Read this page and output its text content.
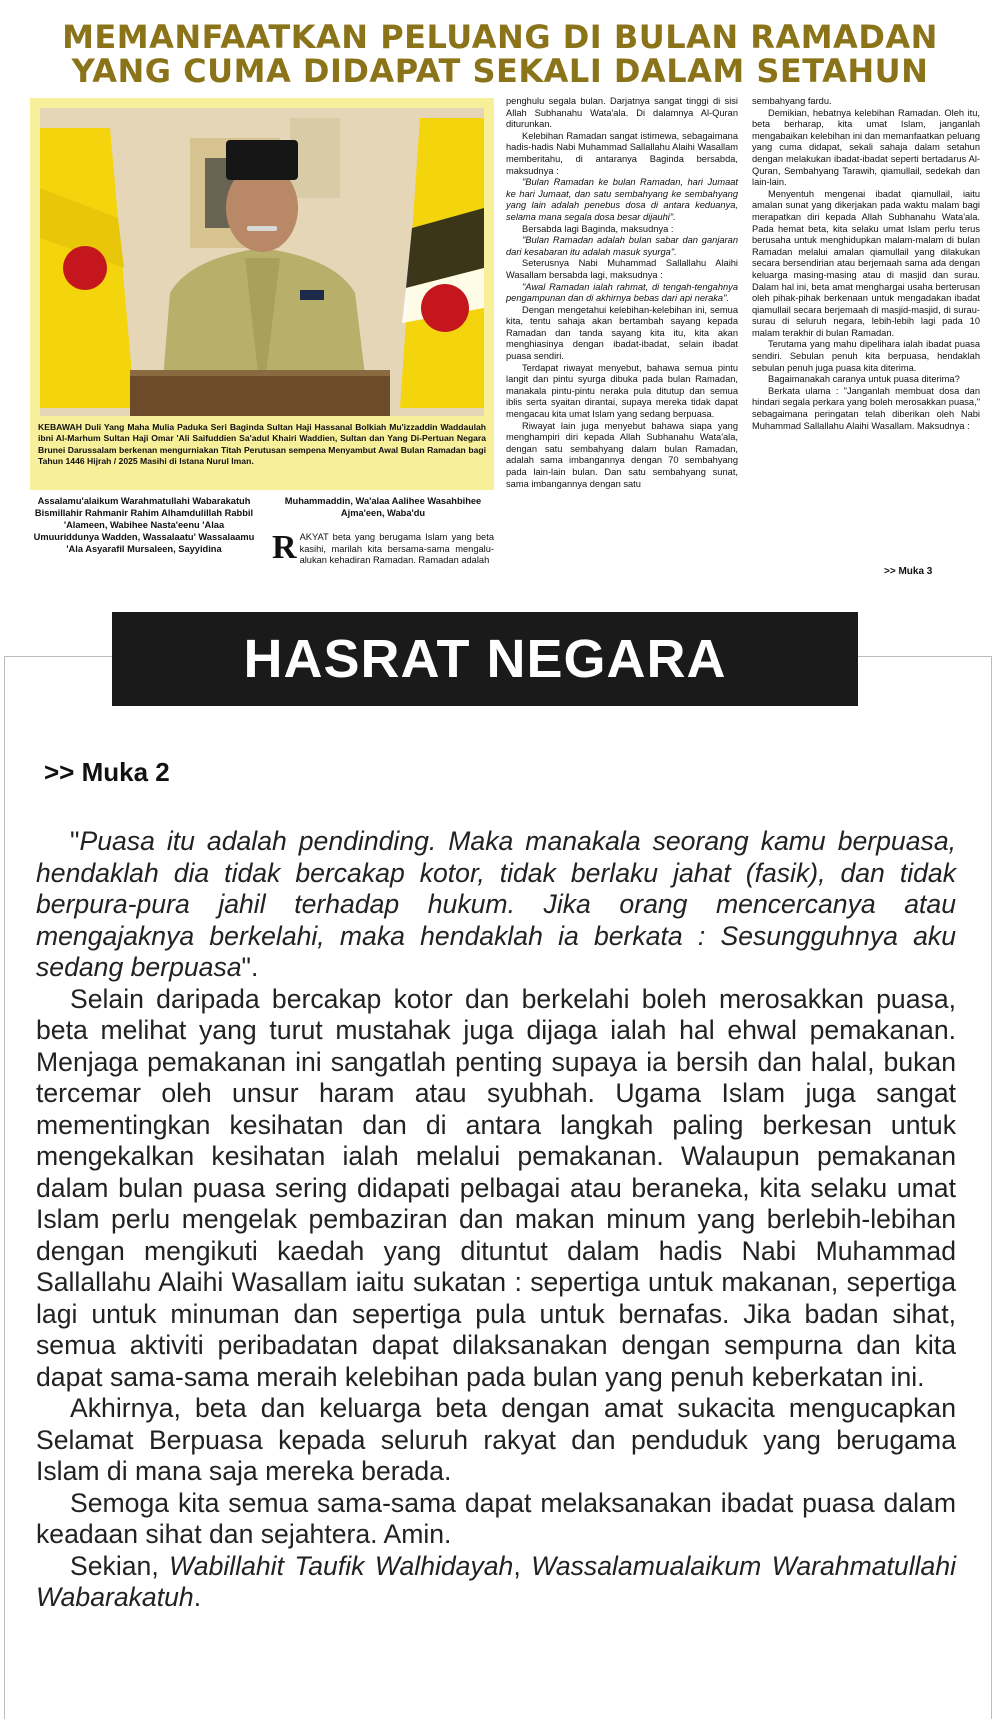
MEMANFAATKAN PELUANG DI BULAN RAMADAN
YANG CUMA DIDAPAT SEKALI DALAM SETAHUN
KEBAWAH Duli Yang Maha Mulia Paduka Seri Baginda Sultan Haji Hassanal Bolkiah Mu'izzaddin Waddaulah ibni Al-Marhum Sultan Haji Omar 'Ali Saifuddien Sa'adul Khairi Waddien, Sultan dan Yang Di-Pertuan Negara Brunei Darussalam berkenan mengurniakan Titah Perutusan sempena Menyambut Awal Bulan Ramadan bagi Tahun 1446 Hijrah / 2025 Masihi di Istana Nurul Iman.
Assalamu'alaikum Warahmatullahi Wabarakatuh Bismillahir Rahmanir Rahim Alhamdulillah Rabbil 'Alameen, Wabihee Nasta'eenu 'Alaa Umuuriddunya Wadden, Wassalaatu' Wassalaamu 'Ala Asyarafil Mursaleen, Sayyidina
Muhammaddin, Wa'alaa Aalihee Wasahbihee Ajma'een, Waba'du
RAKYAT beta yang berugama Islam yang beta kasihi, marilah kita bersama-sama mengalu-alukan kehadiran Ramadan. Ramadan adalah

penghulu segala bulan. Darjatnya sangat tinggi di sisi Allah Subhanahu Wata'ala. Di dalamnya Al-Quran diturunkan.

Kelebihan Ramadan sangat istimewa, sebagaimana hadis-hadis Nabi Muhammad Sallallahu Alaihi Wasallam memberitahu, di antaranya Baginda bersabda, maksudnya :

"Bulan Ramadan ke bulan Ramadan, hari Jumaat ke hari Jumaat, dan satu sembahyang ke sembahyang yang lain adalah penebus dosa di antara keduanya, selama mana segala dosa besar dijauhi".

Bersabda lagi Baginda, maksudnya :

"Bulan Ramadan adalah bulan sabar dan ganjaran dari kesabaran itu adalah masuk syurga".

Seterusnya Nabi Muhammad Sallallahu Alaihi Wasallam bersabda lagi, maksudnya :

"Awal Ramadan ialah rahmat, di tengah-tengahnya pengampunan dan di akhirnya bebas dari api neraka".

Dengan mengetahui kelebihan-kelebihan ini, semua kita, tentu sahaja akan bertambah sayang kepada Ramadan dan tanda sayang kita itu, kita akan menghiasinya dengan ibadat-ibadat, selain ibadat puasa sendiri.

Terdapat riwayat menyebut, bahawa semua pintu langit dan pintu syurga dibuka pada bulan Ramadan, manakala pintu-pintu neraka pula ditutup dan semua iblis serta syaitan dirantai, supaya mereka tidak dapat mengacau kita umat Islam yang sedang berpuasa.

Riwayat lain juga menyebut bahawa siapa yang menghampiri diri kepada Allah Subhanahu Wata'ala, dengan satu sembahyang dalam bulan Ramadan, adalah sama imbangannya dengan 70 sembahyang pada lain-lain bulan. Dan satu sembahyang sunat, sama imbangannya dengan satu

sembahyang fardu.

Demikian, hebatnya kelebihan Ramadan. Oleh itu, beta berharap, kita umat Islam, janganlah mengabaikan kelebihan ini dan memanfaatkan peluang yang cuma didapat, sekali sahaja dalam setahun dengan melakukan ibadat-ibadat seperti bertadarus Al-Quran, Sembahyang Tarawih, qiamullail, sedekah dan lain-lain.

Menyentuh mengenai ibadat qiamullail, iaitu amalan sunat yang dikerjakan pada waktu malam bagi merapatkan diri kepada Allah Subhanahu Wata'ala. Pada hemat beta, kita selaku umat Islam perlu terus berusaha untuk menghidupkan malam-malam di bulan Ramadan melalui amalan qiamullail yang dilakukan secara bersendirian atau berjemaah sama ada dengan keluarga masing-masing atau di masjid dan surau. Dalam hal ini, beta amat menghargai usaha berterusan oleh pihak-pihak berkenaan untuk mengadakan ibadat qiamullail secara berjemaah di masjid-masjid, di surau-surau di seluruh negara, lebih-lebih lagi pada 10 malam terakhir di bulan Ramadan.

Terutama yang mahu dipelihara ialah ibadat puasa sendiri. Sebulan penuh kita berpuasa, hendaklah sebulan penuh juga puasa kita diterima.

Bagaimanakah caranya untuk puasa diterima?

Berkata ulama : "Janganlah membuat dosa dan hindari segala perkara yang boleh merosakkan puasa," sebagaimana peringatan telah diberikan oleh Nabi Muhammad Sallallahu Alaihi Wasallam. Maksudnya :

>> Muka 3
HASRAT NEGARA
>> Muka 2

"Puasa itu adalah pendinding. Maka manakala seorang kamu berpuasa, hendaklah dia tidak bercakap kotor, tidak berlaku jahat (fasik), dan tidak berpura-pura jahil terhadap hukum. Jika orang mencercanya atau mengajaknya berkelahi, maka hendaklah ia berkata : Sesungguhnya aku sedang berpuasa".

Selain daripada bercakap kotor dan berkelahi boleh merosakkan puasa, beta melihat yang turut mustahak juga dijaga ialah hal ehwal pemakanan. Menjaga pemakanan ini sangatlah penting supaya ia bersih dan halal, bukan tercemar oleh unsur haram atau syubhah. Ugama Islam juga sangat mementingkan kesihatan dan di antara langkah paling berkesan untuk mengekalkan kesihatan ialah melalui pemakanan. Walaupun pemakanan dalam bulan puasa sering didapati pelbagai atau beraneka, kita selaku umat Islam perlu mengelak pembaziran dan makan minum yang berlebih-lebihan dengan mengikuti kaedah yang dituntut dalam hadis Nabi Muhammad Sallallahu Alaihi Wasallam iaitu sukatan : sepertiga untuk makanan, sepertiga lagi untuk minuman dan sepertiga pula untuk bernafas. Jika badan sihat, semua aktiviti peribadatan dapat dilaksanakan dengan sempurna dan kita dapat sama-sama meraih kelebihan pada bulan yang penuh keberkatan ini.

Akhirnya, beta dan keluarga beta dengan amat sukacita mengucapkan Selamat Berpuasa kepada seluruh rakyat dan penduduk yang berugama Islam di mana saja mereka berada.

Semoga kita semua sama-sama dapat melaksanakan ibadat puasa dalam keadaan sihat dan sejahtera. Amin.

Sekian, Wabillahit Taufik Walhidayah, Wassalamualaikum Warahmatullahi Wabarakatuh.
